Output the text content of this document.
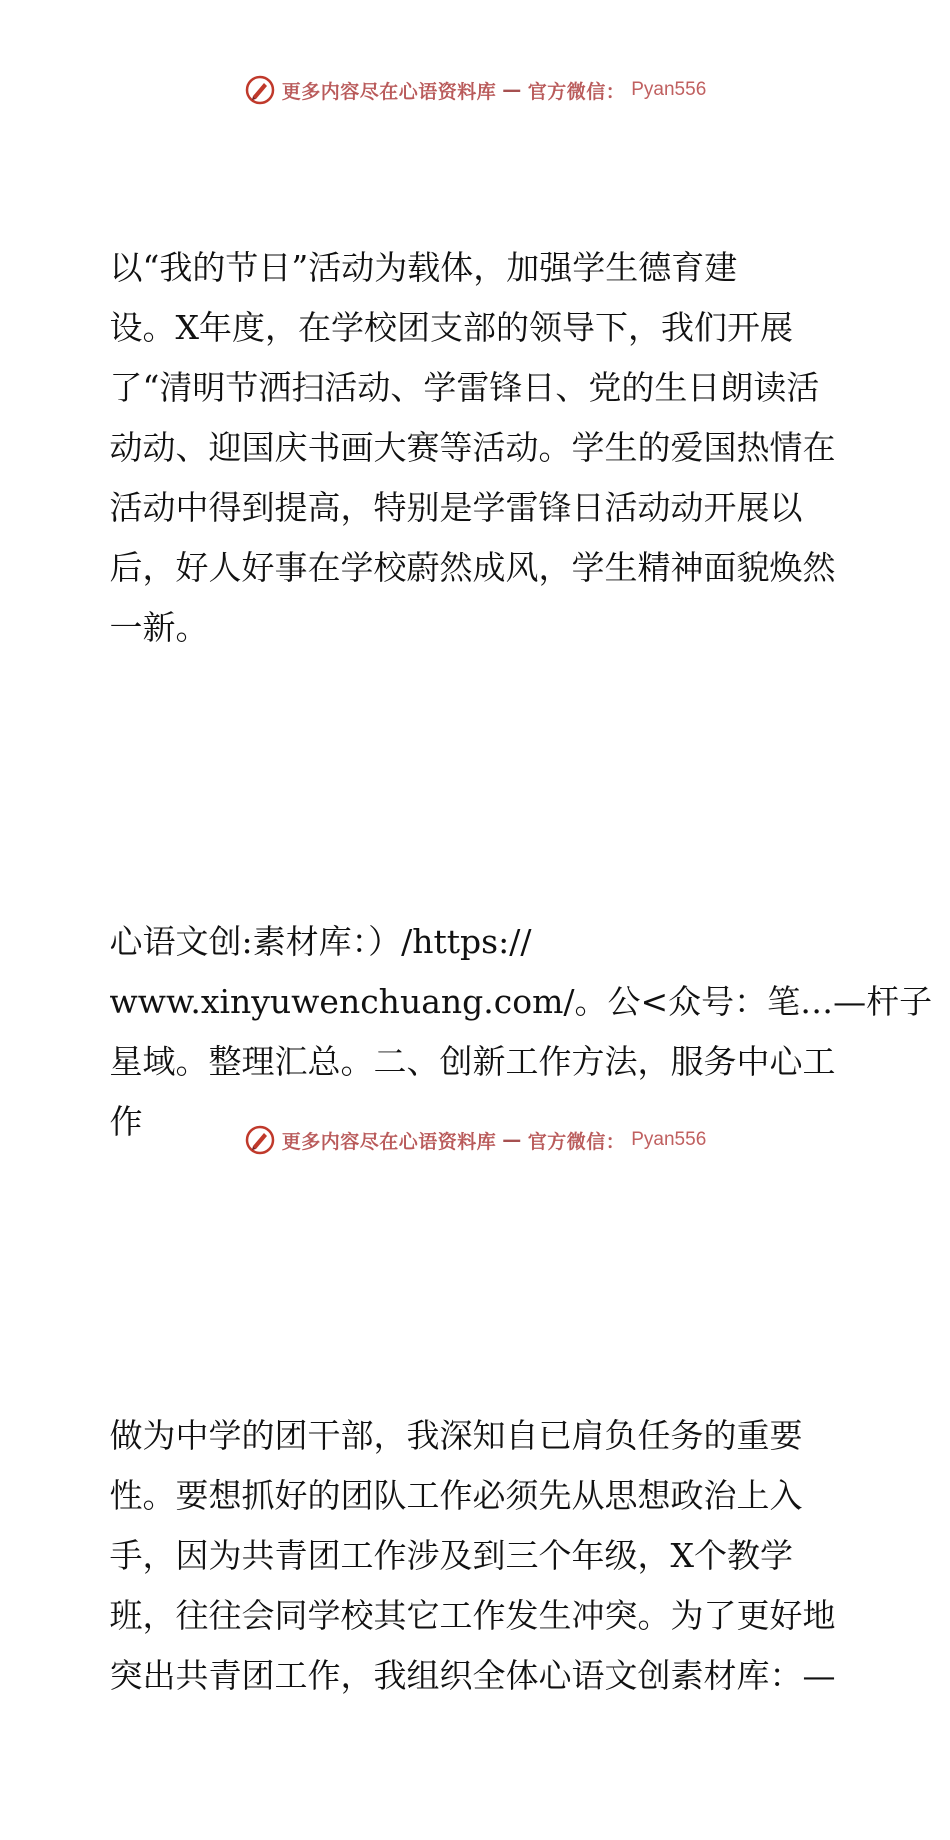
更多内容尽在心语资料库 — 官方微信： Pyan556

以“我的节日”活动为载体，加强学生德育建
设。X年度，在学校团支部的领导下，我们开展
了“清明节洒扫活动、学雷锋日、党的生日朗读活
动动、迎国庆书画大赛等活动。学生的爱国热情在
活动中得到提高，特别是学雷锋日活动动开展以
后，好人好事在学校蔚然成风，学生精神面貌焕然
一新。

心语文创:素材库：）/https://
www.xinyuwenchuang.com/。公<众号：笔…—杆子
星域。整理汇总。二、创新工作方法，服务中心工
作

做为中学的团干部，我深知自已肩负任务的重要
性。要想抓好的团队工作必须先从思想政治上入
手，因为共青团工作涉及到三个年级，X个教学
班，往往会同学校其它工作发生冲突。为了更好地
突出共青团工作，我组织全体心语文创素材库：—

更多内容尽在心语资料库 — 官方微信： Pyan556
